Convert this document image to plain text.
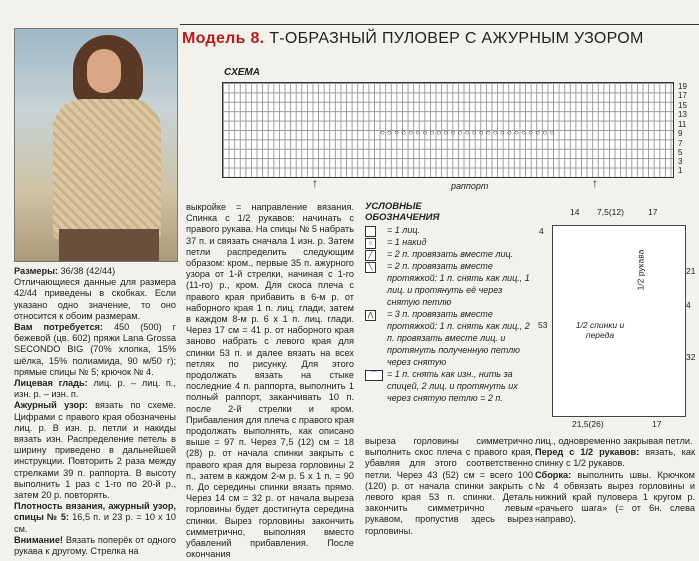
Модель 8. Т-ОБРАЗНЫЙ ПУЛОВЕР С АЖУРНЫМ УЗОРОМ

Размеры: 36/38 (42/44)

Отличающиеся данные для размера 42/44 приведены в скобках. Если указано одно значение, то оно относится к обоим размерам.

Вам потребуется: 450 (500) г бежевой (цв. 602) пряжи Lana Grossa SECONDO BIG (70% хлопка, 15% шёлка, 15% полиамида, 90 м/50 г); прямые спицы № 5; крючок № 4.

Лицевая гладь: лиц. р. – лиц. п., изн. р. – изн. п.

Ажурный узор: вязать по схеме. Цифрами с правого края обозначены лиц. р. В изн. р. петли и накиды вязать изн. Распределение петель в ширину приведено в дальнейшей инструкции. Повторить 2 раза между стрелками 39 п. раппорта. В высоту выполнить 1 раз с 1-го по 20-й р., затем 20 р. повторять.

Плотность вязания, ажурный узор, спицы № 5: 16,5 п. и 23 р. = 10 х 10 см.

Внимание! Вязать поперёк от одного рукава к другому. Стрелка на

СХЕМА
○ ○ ○ ○ ○ ○ ○ ○ ○ ○ ○ ○ ○ ○ ○ ○ ○ ○ ○ ○ ○ ○ ○ ○ ○
19
17
15
13
11
9
7
5
3
1
↑	↑
раппорт

выкройке = направление вязания. Спинка с 1/2 рукавов: начинать с правого рукава. На спицы № 5 набрать 37 п. и связать сначала 1 изн. р. Затем петли распределить следующим образом: кром., первые 35 п. ажурного узора от 1-й стрелки, начиная с 1-го (11-го) р., кром. Для скоса плеча с правого края прибавить в 6-м р. от наборного края 1 п. лиц. глади, затем в каждом 8-м р. 6 х 1 п. лиц. глади. Через 17 см = 41 р. от наборного края заново набрать с левого края для спинки 53 п. и далее вязать на всех петлях по рисунку. Для этого продолжать вязать на стыке последние 4 п. раппорта, выполнить 1 полный раппорт, заканчивать 10 п. после 2-й стрелки и кром. Прибавления для плеча с правого края продолжать выполнять, как описано выше = 97 п. Через 7,5 (12) см = 18 (28) р. от начала спинки закрыть с правого края для выреза горловины 2 п., затем в каждом 2-м р. 5 х 1 п. = 90 п. До середины спинки вязать прямо. Через 14 см = 32 р. от начала выреза горловины будет достигнута середина спинки. Вырез горловины закончить симметрично, выполняя вместо убавлений прибавления. После окончания

УСЛОВНЫЕ
ОБОЗНАЧЕНИЯ
= 1 лиц.
○	= 1 накид
╱	= 2 п. провязать вместе лиц.
╲	= 2 п. провязать вместе протяжкой: 1 п. снять как лиц., 1 лиц. и протянуть её через снятую петлю
⋀ = 3 п. провязать вместе протяжкой: 1 п. снять как лиц., 2 п. провязать вместе лиц. и протянуть полученную петлю через снятую
⌒	= 1 п. снять как изн., нить за спицей, 2 лиц. и протянуть их через снятую петлю = 2 п.

выреза горловины симметрично выполнить скос плеча с правого края, убавляя для этого соответственно петли. Через 43 (52) см = всего 100 (120) р. от начала спинки закрыть с левого края 53 п. спинки. Деталь закончить симметрично левым рукавом, пропустив здесь вырез горловины.

14 7,5(12)	17
4
53
32
21
4
1/2 рукава
1/2 спинки и переда
21,5(26)	17

лиц., одновременно закрывая петли.

Перед с 1/2 рукавов: вязать, как спинку с 1/2 рукавов.

Сборка: выполнить швы. Крючком № 4 обвязать вырез горловины и нижний край пуловера 1 кругом р. «рачьего шага» (= от 6н. слева направо).
